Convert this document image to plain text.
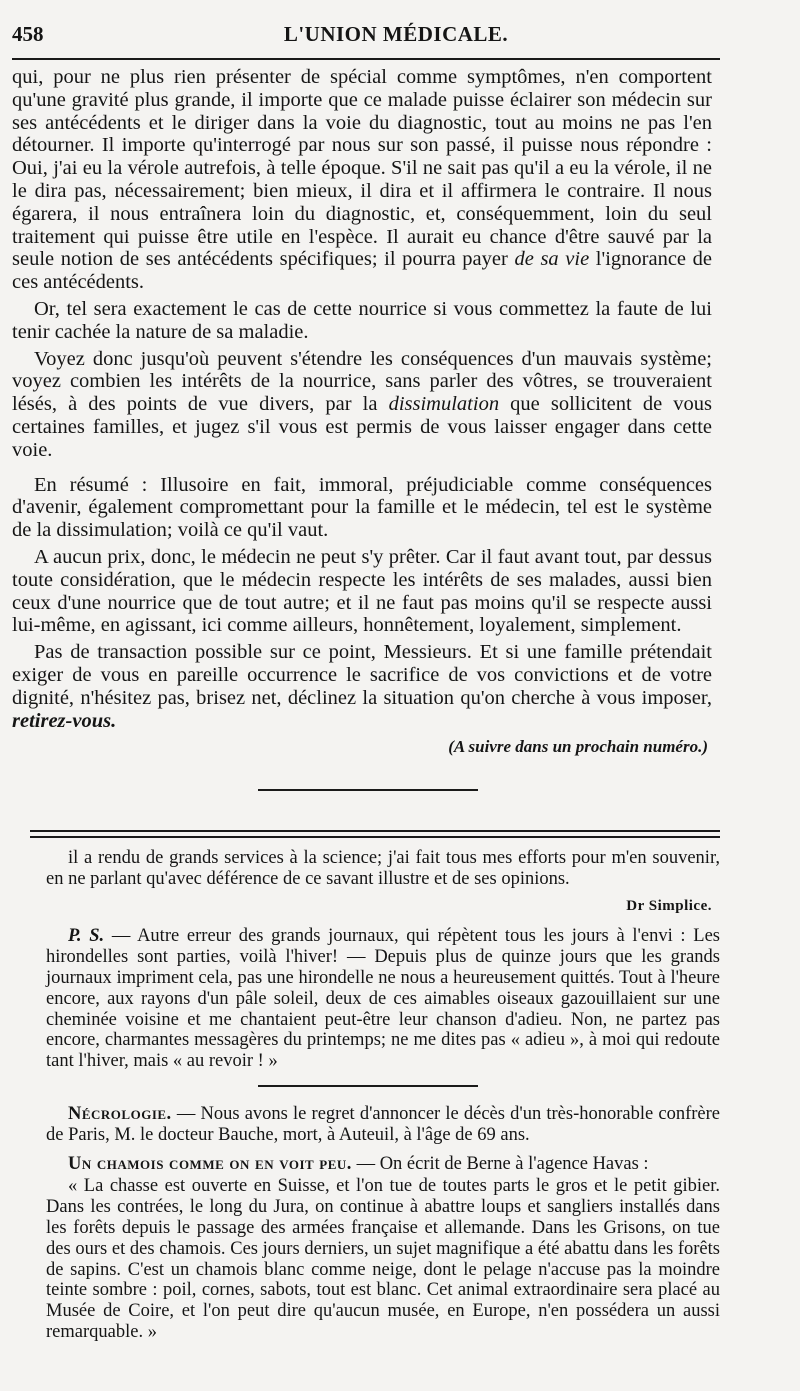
458	L'UNION MÉDICALE.

qui, pour ne plus rien présenter de spécial comme symptômes, n'en comportent qu'une gravité plus grande, il importe que ce malade puisse éclairer son médecin sur ses antécédents et le diriger dans la voie du diagnostic, tout au moins ne pas l'en détourner. Il importe qu'interrogé par nous sur son passé, il puisse nous répondre : Oui, j'ai eu la vérole autrefois, à telle époque. S'il ne sait pas qu'il a eu la vérole, il ne le dira pas, nécessairement; bien mieux, il dira et il affirmera le contraire. Il nous égarera, il nous entraînera loin du diagnostic, et, conséquemment, loin du seul traitement qui puisse être utile en l'espèce. Il aurait eu chance d'être sauvé par la seule notion de ses antécédents spécifiques; il pourra payer de sa vie l'ignorance de ces antécédents.

Or, tel sera exactement le cas de cette nourrice si vous commettez la faute de lui tenir cachée la nature de sa maladie.

Voyez donc jusqu'où peuvent s'étendre les conséquences d'un mauvais système; voyez combien les intérêts de la nourrice, sans parler des vôtres, se trouveraient lésés, à des points de vue divers, par la dissimulation que sollicitent de vous certaines familles, et jugez s'il vous est permis de vous laisser engager dans cette voie.

En résumé : Illusoire en fait, immoral, préjudiciable comme conséquences d'avenir, également compromettant pour la famille et le médecin, tel est le système de la dissimulation; voilà ce qu'il vaut.

A aucun prix, donc, le médecin ne peut s'y prêter. Car il faut avant tout, par dessus toute considération, que le médecin respecte les intérêts de ses malades, aussi bien ceux d'une nourrice que de tout autre; et il ne faut pas moins qu'il se respecte aussi lui-même, en agissant, ici comme ailleurs, honnêtement, loyalement, simplement.

Pas de transaction possible sur ce point, Messieurs. Et si une famille prétendait exiger de vous en pareille occurrence le sacrifice de vos convictions et de votre dignité, n'hésitez pas, brisez net, déclinez la situation qu'on cherche à vous imposer, retirez-vous.

(A suivre dans un prochain numéro.)

il a rendu de grands services à la science; j'ai fait tous mes efforts pour m'en souvenir, en ne parlant qu'avec déférence de ce savant illustre et de ses opinions.

Dr Simplice.

P. S. — Autre erreur des grands journaux, qui répètent tous les jours à l'envi : Les hirondelles sont parties, voilà l'hiver! — Depuis plus de quinze jours que les grands journaux impriment cela, pas une hirondelle ne nous a heureusement quittés. Tout à l'heure encore, aux rayons d'un pâle soleil, deux de ces aimables oiseaux gazouillaient sur une cheminée voisine et me chantaient peut-être leur chanson d'adieu. Non, ne partez pas encore, charmantes messagères du printemps; ne me dites pas « adieu », à moi qui redoute tant l'hiver, mais « au revoir ! »

Nécrologie. — Nous avons le regret d'annoncer le décès d'un très-honorable confrère de Paris, M. le docteur Bauche, mort, à Auteuil, à l'âge de 69 ans.

Un chamois comme on en voit peu. — On écrit de Berne à l'agence Havas :

« La chasse est ouverte en Suisse, et l'on tue de toutes parts le gros et le petit gibier. Dans les contrées, le long du Jura, on continue à abattre loups et sangliers installés dans les forêts depuis le passage des armées française et allemande. Dans les Grisons, on tue des ours et des chamois. Ces jours derniers, un sujet magnifique a été abattu dans les forêts de sapins. C'est un chamois blanc comme neige, dont le pelage n'accuse pas la moindre teinte sombre : poil, cornes, sabots, tout est blanc. Cet animal extraordinaire sera placé au Musée de Coire, et l'on peut dire qu'aucun musée, en Europe, n'en possédera un aussi remarquable. »
